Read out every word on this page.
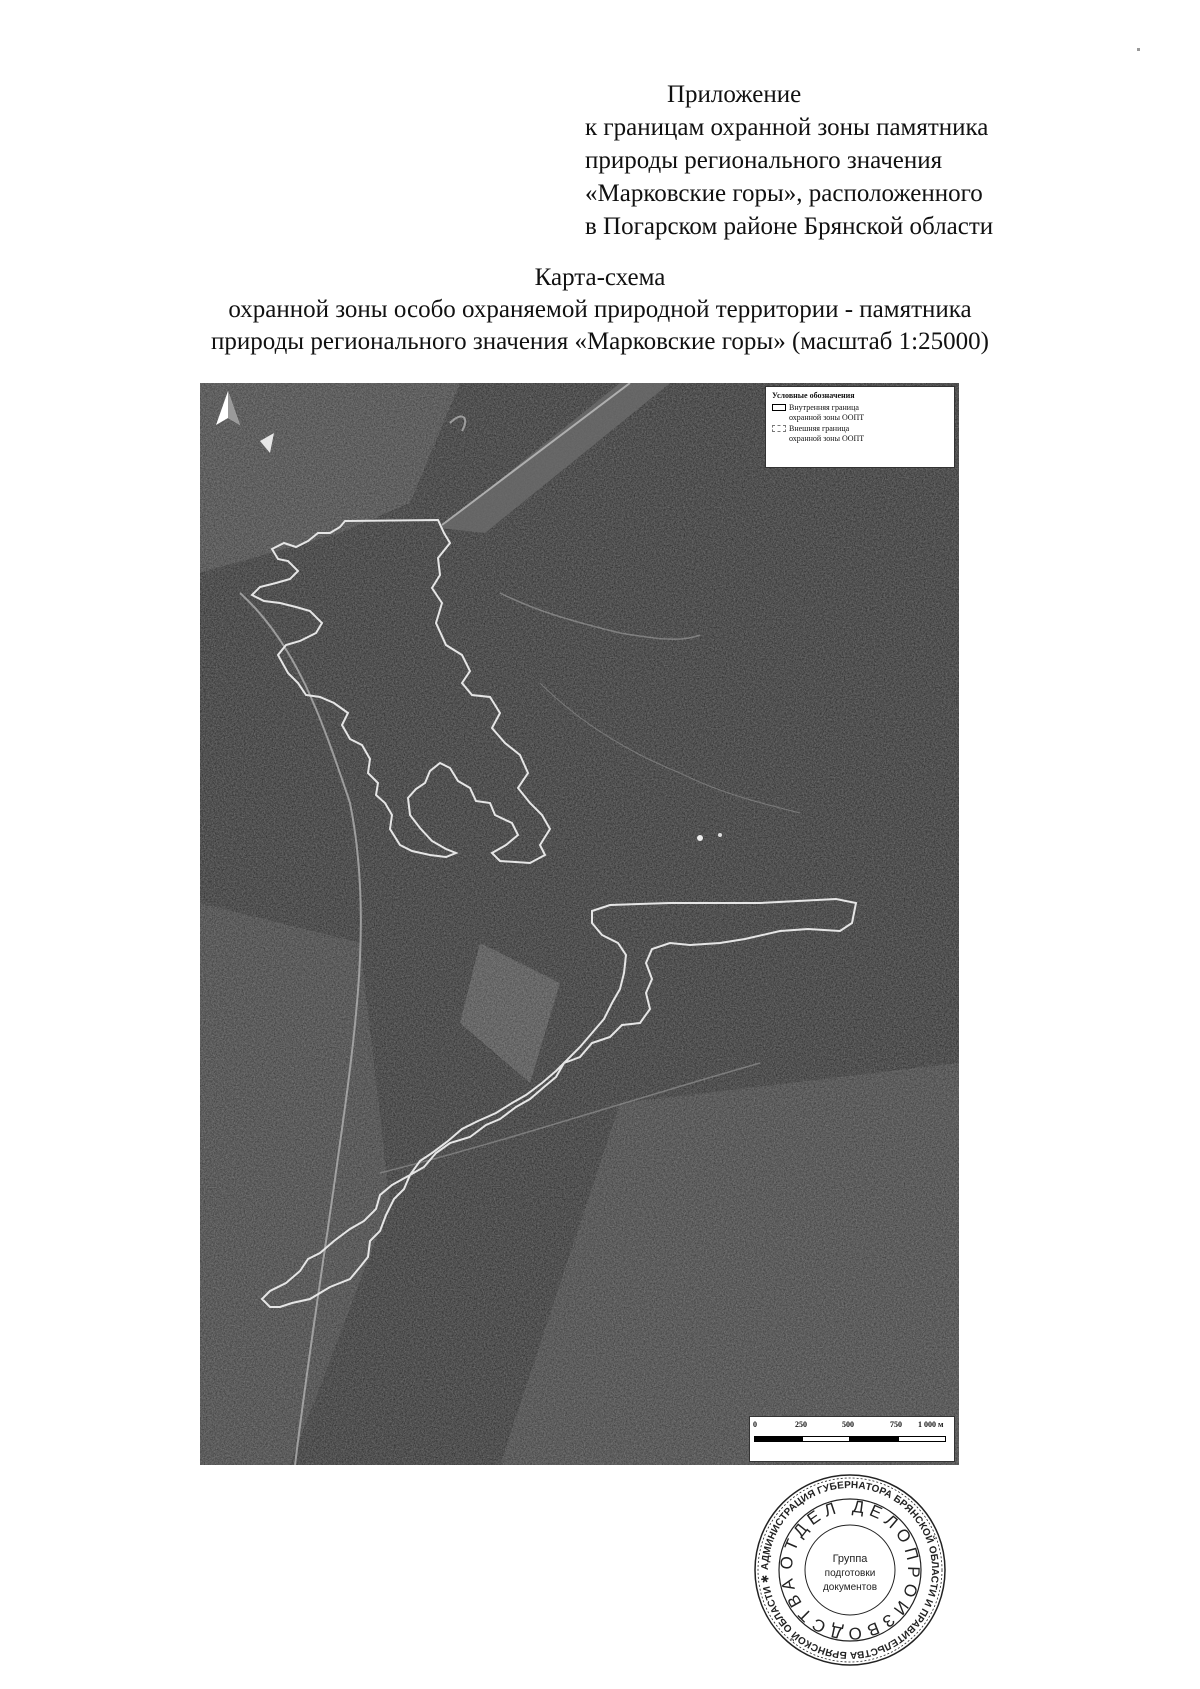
Приложение
к границам охранной зоны памятника
природы регионального значения
«Марковские горы», расположенного
в Погарском районе Брянской области
Карта-схема
охранной зоны особо охраняемой природной территории - памятника
природы регионального значения «Марковские горы» (масштаб 1:25000)
Условные обозначения
Внутренняя граница
охранной зоны ООПТ
Внешняя граница
охранной зоны ООПТ
0	250	500	750 1 000 м
АДМИНИСТРАЦИЯ ГУБЕРНАТОРА БРЯНСКОЙ ОБЛАСТИ И ПРАВИТЕЛЬСТВА БРЯНСКОЙ ОБЛАСТИ ✱
ОТДЕЛ ДЕЛОПРОИЗВОДСТВА
Группа
подготовки
документов
